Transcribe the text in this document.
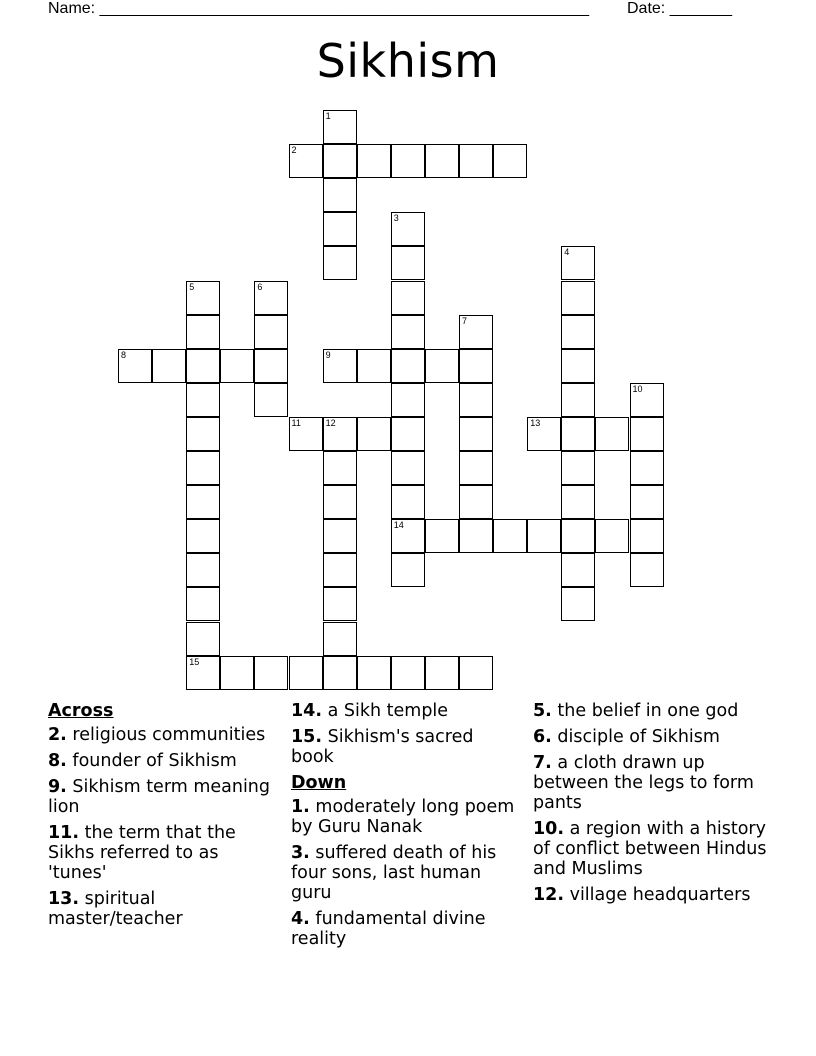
Name: _______________________________________________________ Date: _______
Sikhism
2
8	9
11	12	13
14
15
1
3
4
5	6
7
10
Across
2. religious communities
8. founder of Sikhism
9. Sikhism term meaning lion
11. the term that the Sikhs referred to as 'tunes'
13. spiritual master/teacher
14. a Sikh temple
15. Sikhism's sacred book
Down
1. moderately long poem by Guru Nanak
3. suffered death of his four sons, last human guru
4. fundamental divine reality
5. the belief in one god
6. disciple of Sikhism
7. a cloth drawn up between the legs to form pants
10. a region with a history of conflict between Hindus and Muslims
12. village headquarters
